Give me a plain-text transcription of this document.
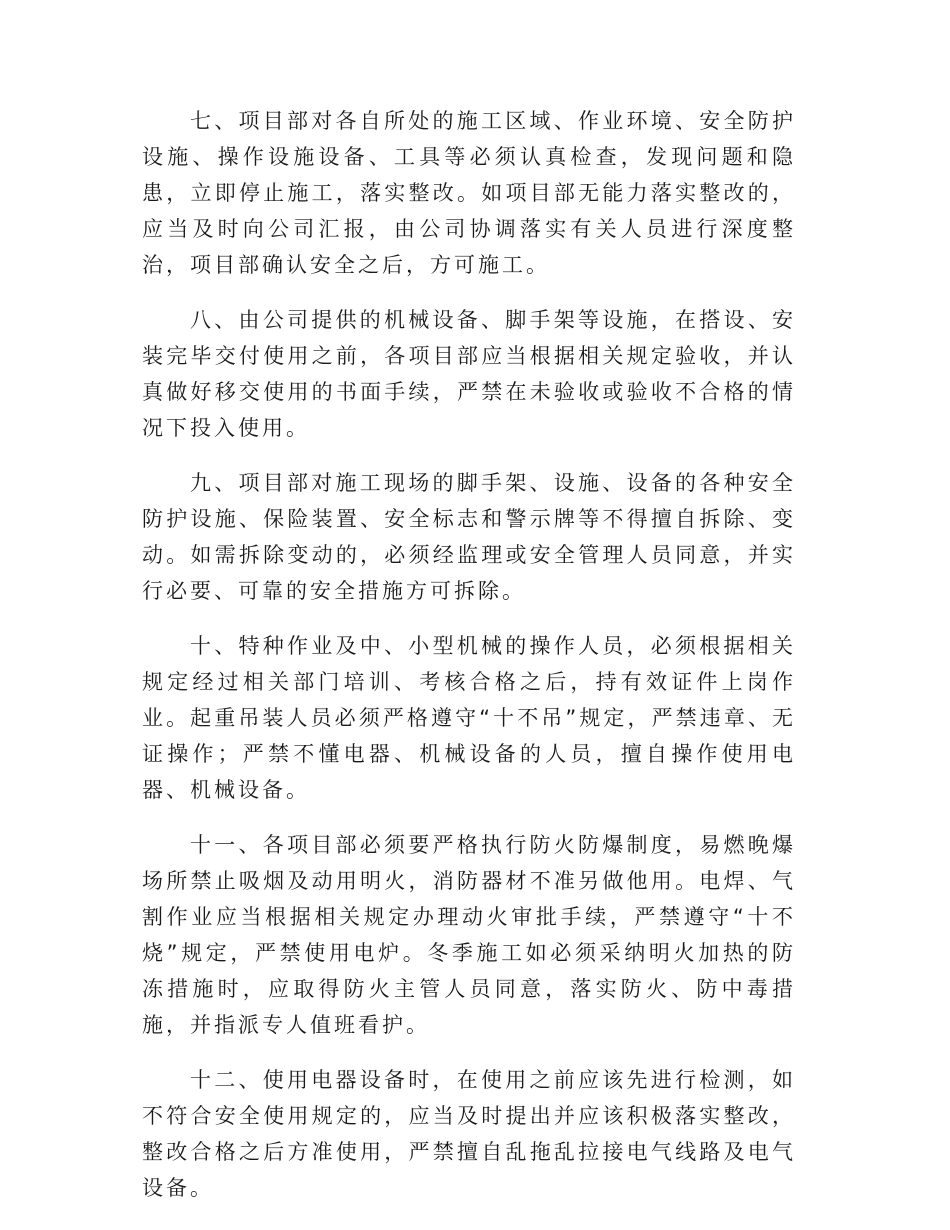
七、项目部对各自所处的施工区域、作业环境、安全防护设施、操作设施设备、工具等必须认真检查，发现问题和隐患，立即停止施工，落实整改。如项目部无能力落实整改的，应当及时向公司汇报，由公司协调落实有关人员进行深度整治，项目部确认安全之后，方可施工。

八、由公司提供的机械设备、脚手架等设施，在搭设、安装完毕交付使用之前，各项目部应当根据相关规定验收，并认真做好移交使用的书面手续，严禁在未验收或验收不合格的情况下投入使用。

九、项目部对施工现场的脚手架、设施、设备的各种安全防护设施、保险装置、安全标志和警示牌等不得擅自拆除、变动。如需拆除变动的，必须经监理或安全管理人员同意，并实行必要、可靠的安全措施方可拆除。

十、特种作业及中、小型机械的操作人员，必须根据相关规定经过相关部门培训、考核合格之后，持有效证件上岗作业。起重吊装人员必须严格遵守“十不吊”规定，严禁违章、无证操作；严禁不懂电器、机械设备的人员，擅自操作使用电器、机械设备。

十一、各项目部必须要严格执行防火防爆制度，易燃晚爆场所禁止吸烟及动用明火，消防器材不准另做他用。电焊、气割作业应当根据相关规定办理动火审批手续，严禁遵守“十不烧”规定，严禁使用电炉。冬季施工如必须采纳明火加热的防冻措施时，应取得防火主管人员同意，落实防火、防中毒措施，并指派专人值班看护。

十二、使用电器设备时，在使用之前应该先进行检测，如不符合安全使用规定的，应当及时提出并应该积极落实整改，整改合格之后方准使用，严禁擅自乱拖乱拉接电气线路及电气设备。
